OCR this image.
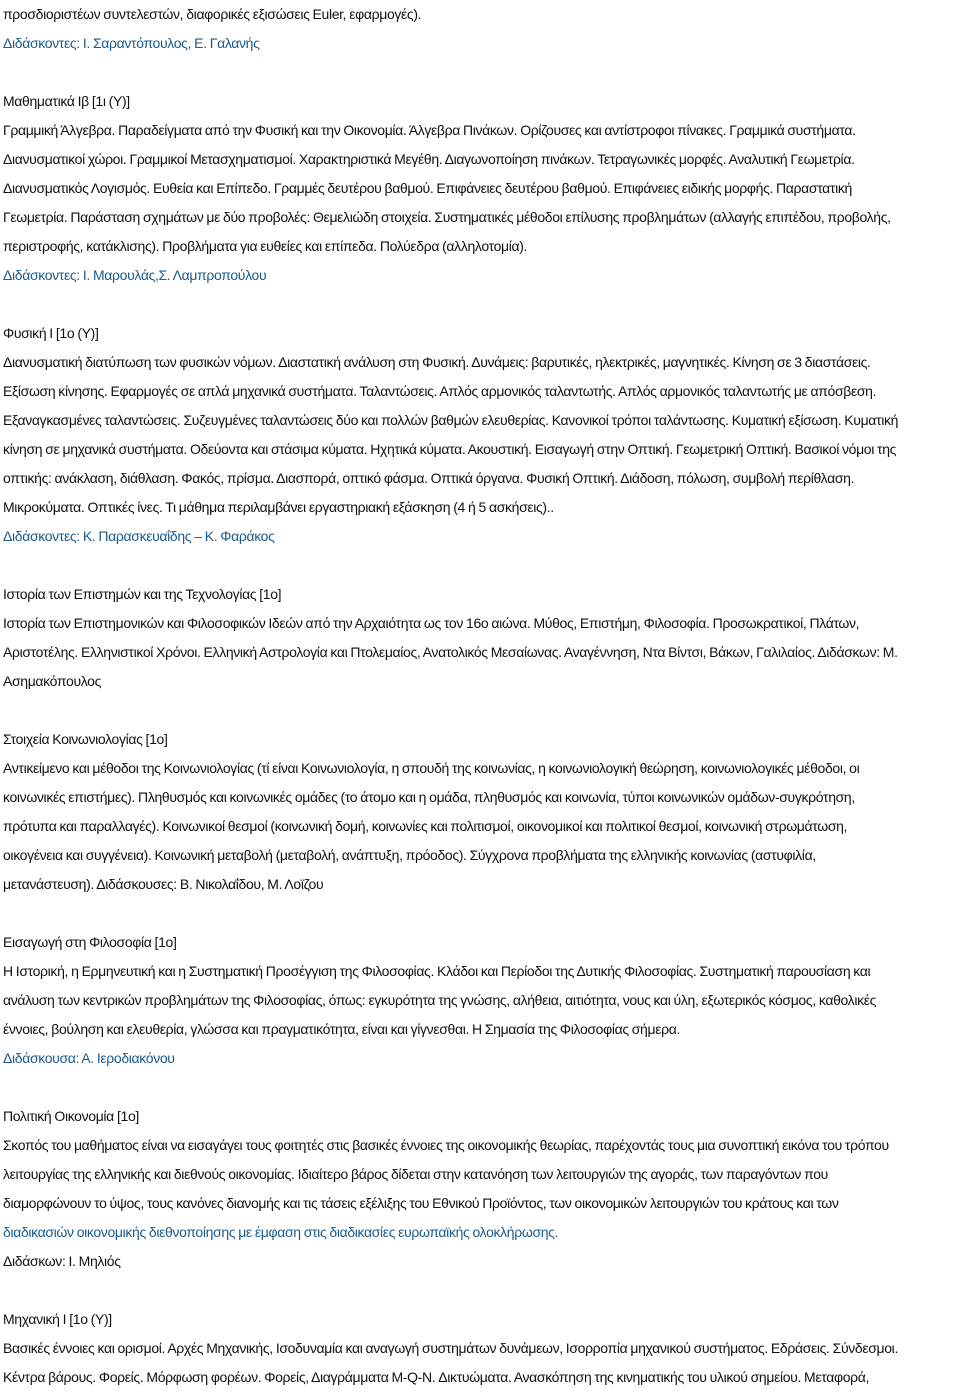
προσδιοριστέων συντελεστών, διαφορικές εξισώσεις Euler, εφαρμογές).
Διδάσκοντες: Ι. Σαραντόπουλος, Ε. Γαλανής
Μαθηματικά Ιβ [1ι (Υ)]
Γραμμική Άλγεβρα. Παραδείγματα από την Φυσική και την Οικονομία. Άλγεβρα Πινάκων. Ορίζουσες και αντίστροφοι πίνακες. Γραμμικά συστήματα.
Διανυσματικοί χώροι. Γραμμικοί Μετασχηματισμοί. Χαρακτηριστικά Μεγέθη. Διαγωνοποίηση πινάκων. Τετραγωνικές μορφές. Αναλυτική Γεωμετρία.
Διανυσματικός Λογισμός. Ευθεία και Επίπεδο. Γραμμές δευτέρου βαθμού. Επιφάνειες δευτέρου βαθμού. Επιφάνειες ειδικής μορφής. Παραστατική
Γεωμετρία. Παράσταση σχημάτων με δύο προβολές: Θεμελιώδη στοιχεία. Συστηματικές μέθοδοι επίλυσης προβλημάτων (αλλαγής επιπέδου, προβολής,
περιστροφής, κατάκλισης). Προβλήματα για ευθείες και επίπεδα. Πολύεδρα (αλληλοτομία).
Διδάσκοντες: Ι. Μαρουλάς,Σ. Λαμπροπούλου
Φυσική Ι [1ο (Υ)]
Διανυσματική διατύπωση των φυσικών νόμων. Διαστατική ανάλυση στη Φυσική. Δυνάμεις: βαρυτικές, ηλεκτρικές, μαγνητικές. Κίνηση σε 3 διαστάσεις.
Εξίσωση κίνησης. Εφαρμογές σε απλά μηχανικά συστήματα. Ταλαντώσεις. Απλός αρμονικός ταλαντωτής. Απλός αρμονικός ταλαντωτής με απόσβεση.
Εξαναγκασμένες ταλαντώσεις. Συζευγμένες ταλαντώσεις δύο και πολλών βαθμών ελευθερίας. Κανονικοί τρόποι ταλάντωσης. Κυματική εξίσωση. Κυματική
κίνηση σε μηχανικά συστήματα. Οδεύοντα και στάσιμα κύματα. Ηχητικά κύματα. Ακουστική. Εισαγωγή στην Οπτική. Γεωμετρική Οπτική. Βασικοί νόμοι της
οπτικής: ανάκλαση, διάθλαση. Φακός, πρίσμα. Διασπορά, οπτικό φάσμα. Οπτικά όργανα. Φυσική Οπτική. Διάδοση, πόλωση, συμβολή περίθλαση.
Μικροκύματα. Οπτικές ίνες. Τι μάθημα περιλαμβάνει εργαστηριακή εξάσκηση (4 ή 5 ασκήσεις)..
Διδάσκοντες: Κ. Παρασκευαΐδης – Κ. Φαράκος
Ιστορία των Επιστημών και της Τεχνολογίας [1ο]
Ιστορία των Επιστημονικών και Φιλοσοφικών Ιδεών από την Αρχαιότητα ως τον 16ο αιώνα. Μύθος, Επιστήμη, Φιλοσοφία. Προσωκρατικοί, Πλάτων,
Αριστοτέλης. Ελληνιστικοί Χρόνοι. Ελληνική Αστρολογία και Πτολεμαίος, Ανατολικός Μεσαίωνας. Αναγέννηση, Ντα Βίντσι, Βάκων, Γαλιλαίος. Διδάσκων: Μ.
Ασημακόπουλος
Στοιχεία Κοινωνιολογίας [1ο]
Αντικείμενο και μέθοδοι της Κοινωνιολογίας (τί είναι Κοινωνιολογία, η σπουδή της κοινωνίας, η κοινωνιολογική θεώρηση, κοινωνιολογικές μέθοδοι, οι
κοινωνικές επιστήμες). Πληθυσμός και κοινωνικές ομάδες (το άτομο και η ομάδα, πληθυσμός και κοινωνία, τύποι κοινωνικών ομάδων-συγκρότηση,
πρότυπα και παραλλαγές). Κοινωνικοί θεσμοί (κοινωνική δομή, κοινωνίες και πολιτισμοί, οικονομικοί και πολιτικοί θεσμοί, κοινωνική στρωμάτωση,
οικογένεια και συγγένεια). Κοινωνική μεταβολή (μεταβολή, ανάπτυξη, πρόοδος). Σύγχρονα προβλήματα της ελληνικής κοινωνίας (αστυφιλία,
μετανάστευση). Διδάσκουσες: Β. Νικολαΐδου, Μ. Λοϊζου
Εισαγωγή στη Φιλοσοφία [1ο]
Η Ιστορική, η Ερμηνευτική και η Συστηματική Προσέγγιση της Φιλοσοφίας. Κλάδοι και Περίοδοι της Δυτικής Φιλοσοφίας. Συστηματική παρουσίαση και
ανάλυση των κεντρικών προβλημάτων της Φιλοσοφίας, όπως: εγκυρότητα της γνώσης, αλήθεια, αιτιότητα, νους και ύλη, εξωτερικός κόσμος, καθολικές
έννοιες, βούληση και ελευθερία, γλώσσα και πραγματικότητα, είναι και γίγνεσθαι. Η Σημασία της Φιλοσοφίας σήμερα.
Διδάσκουσα: Α. Ιεροδιακόνου
Πολιτική Οικονομία [1ο]
Σκοπός του μαθήματος είναι να εισαγάγει τους φοιτητές στις βασικές έννοιες της οικονομικής θεωρίας, παρέχοντάς τους μια συνοπτική εικόνα του τρόπου
λειτουργίας της ελληνικής και διεθνούς οικονομίας. Ιδιαίτερο βάρος δίδεται στην κατανόηση των λειτουργιών της αγοράς, των παραγόντων που
διαμορφώνουν το ύψος, τους κανόνες διανομής και τις τάσεις εξέλιξης του Εθνικού Προϊόντος, των οικονομικών λειτουργιών του κράτους και των
διαδικασιών οικονομικής διεθνοποίησης με έμφαση στις διαδικασίες ευρωπαϊκής ολοκλήρωσης.
Διδάσκων: Ι. Μηλιός
Μηχανική Ι [1ο (Υ)]
Βασικές έννοιες και ορισμοί. Αρχές Μηχανικής, Ισοδυναμία και αναγωγή συστημάτων δυνάμεων, Ισορροπία μηχανικού συστήματος. Εδράσεις. Σύνδεσμοι.
Κέντρα βάρους. Φορείς. Μόρφωση φορέων. Φορείς, Διαγράμματα Μ-Q-N. Δικτυώματα. Ανασκόπηση της κινηματικής του υλικού σημείου. Μεταφορά,
